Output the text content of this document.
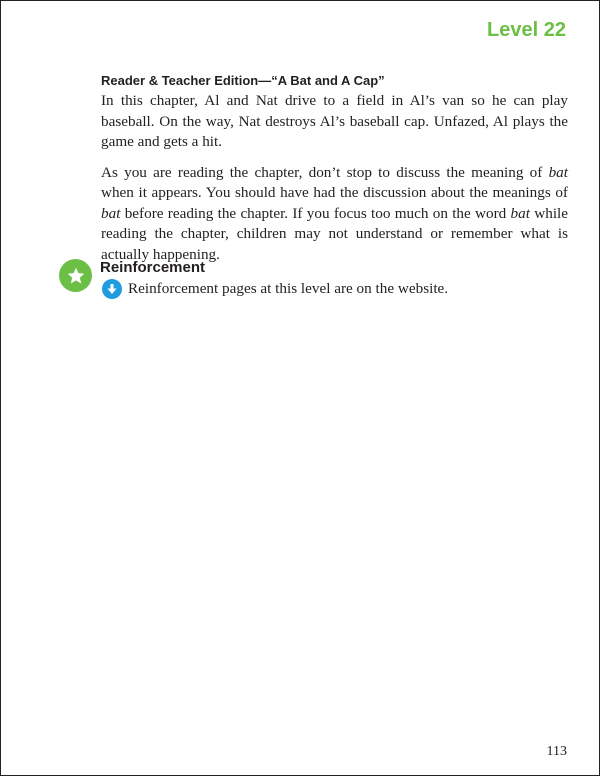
Level 22
Reader & Teacher Edition—“A Bat and A Cap”

In this chapter, Al and Nat drive to a field in Al’s van so he can play baseball. On the way, Nat destroys Al’s baseball cap. Unfazed, Al plays the game and gets a hit.

As you are reading the chapter, don’t stop to discuss the meaning of bat when it appears. You should have had the discussion about the meanings of bat before reading the chapter. If you focus too much on the word bat while reading the chapter, children may not understand or remember what is actually happening.

Reinforcement
Reinforcement pages at this level are on the website.
113
